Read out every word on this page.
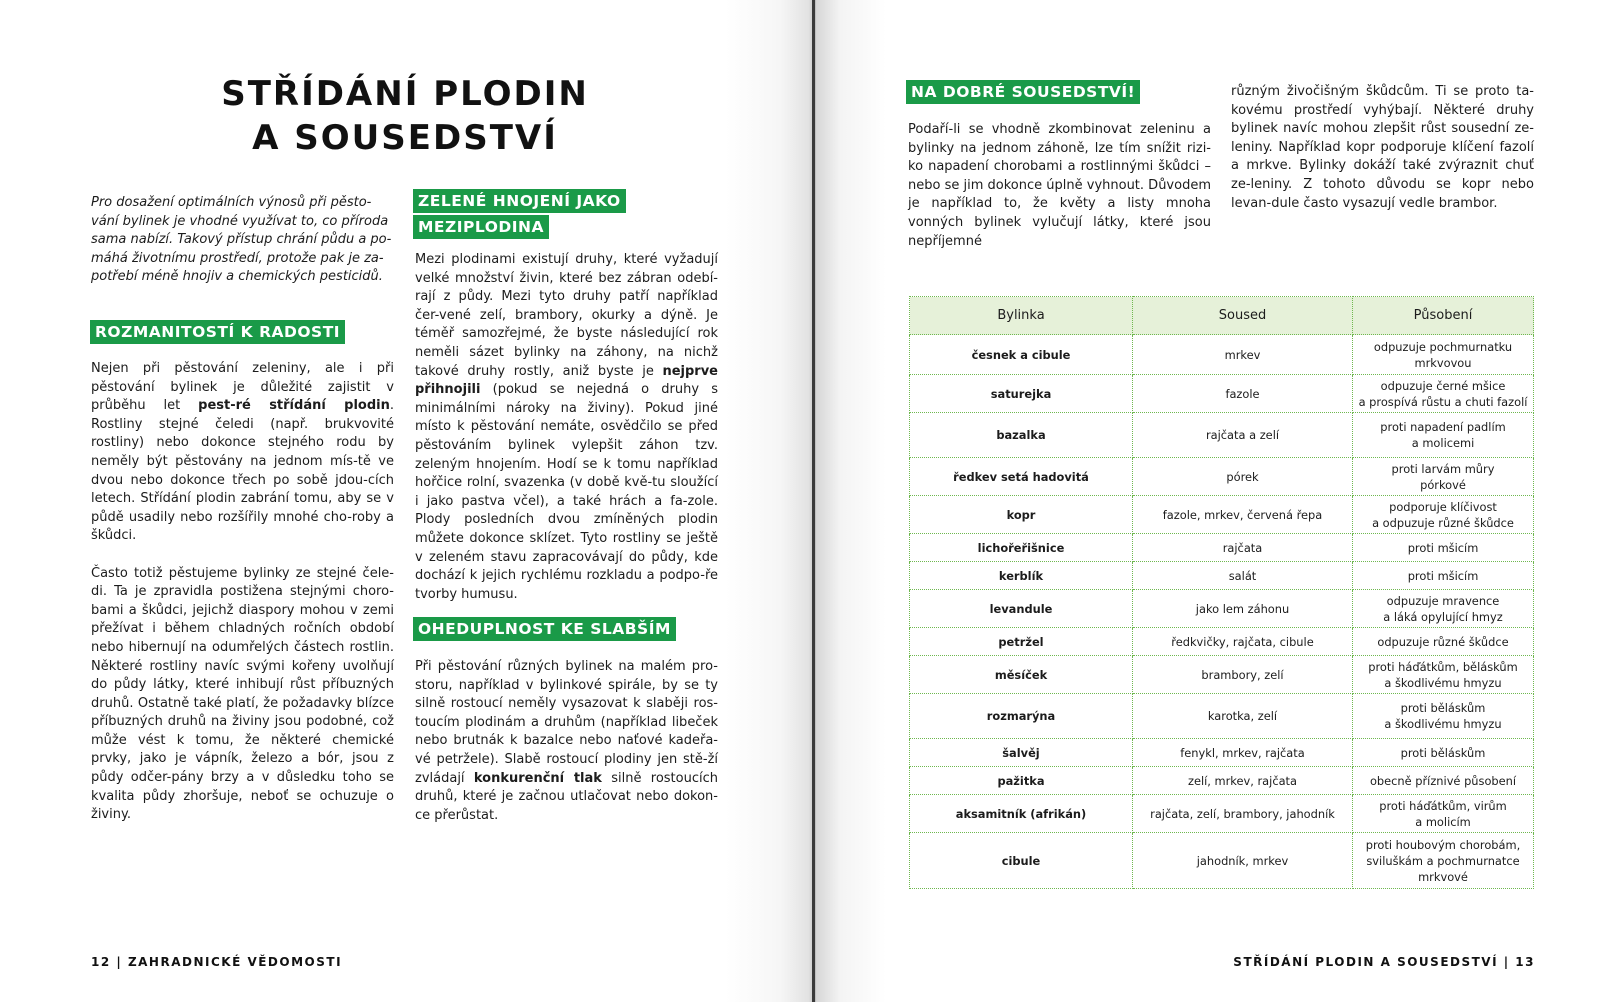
STŘÍDÁNÍ PLODIN
A SOUSEDSTVÍ
Pro dosažení optimálních výnosů při pěsto-
vání bylinek je vhodné využívat to, co příroda
sama nabízí. Takový přístup chrání půdu a po-
máhá životnímu prostředí, protože pak je za-
potřebí méně hnojiv a chemických pesticidů.
ROZMANITOSTÍ K RADOSTI

Nejen při pěstování zeleniny, ale i při pěstování bylinek je důležité zajistit v průběhu let pest-ré střídání plodin. Rostliny stejné čeledi (např. brukvovité rostliny) nebo dokonce stejného rodu by neměly být pěstovány na jednom mís-tě ve dvou nebo dokonce třech po sobě jdou-cích letech. Střídání plodin zabrání tomu, aby se v půdě usadily nebo rozšířily mnohé cho-roby a škůdci.

Často totiž pěstujeme bylinky ze stejné čele-di. Ta je zpravidla postižena stejnými choro-bami a škůdci, jejichž diaspory mohou v zemi přežívat i během chladných ročních období nebo hibernují na odumřelých částech rostlin. Některé rostliny navíc svými kořeny uvolňují do půdy látky, které inhibují růst příbuzných druhů. Ostatně také platí, že požadavky blízce příbuzných druhů na živiny jsou podobné, což může vést k tomu, že některé chemické prvky, jako je vápník, železo a bór, jsou z půdy odčer-pány brzy a v důsledku toho se kvalita půdy zhoršuje, neboť se ochuzuje o živiny.

ZELENÉ HNOJENÍ JAKO
MEZIPLODINA

Mezi plodinami existují druhy, které vyžadují velké množství živin, které bez zábran odebí-rají z půdy. Mezi tyto druhy patří například čer-vené zelí, brambory, okurky a dýně. Je téměř samozřejmé, že byste následující rok neměli sázet bylinky na záhony, na nichž takové druhy rostly, aniž byste je nejprve přihnojili (pokud se nejedná o druhy s minimálními nároky na živiny). Pokud jiné místo k pěstování nemáte, osvědčilo se před pěstováním bylinek vylepšit záhon tzv. zeleným hnojením. Hodí se k tomu například hořčice rolní, svazenka (v době kvě-tu sloužící i jako pastva včel), a také hrách a fa-zole. Plody posledních dvou zmíněných plodin můžete dokonce sklízet. Tyto rostliny se ještě v zeleném stavu zapracovávají do půdy, kde dochází k jejich rychlému rozkladu a podpo-ře tvorby humusu.

OHEDUPLNOST KE SLABŠÍM

Při pěstování různých bylinek na malém pro-storu, například v bylinkové spirále, by se ty silně rostoucí neměly vysazovat k slaběji ros-toucím plodinám a druhům (například libeček nebo brutnák k bazalce nebo naťové kadeřa-vé petržele). Slabě rostoucí plodiny jen stě-ží zvládají konkurenční tlak silně rostoucích druhů, které je začnou utlačovat nebo dokon-ce přerůstat.

12 | ZAHRADNICKÉ VĚDOMOSTI
NA DOBRÉ SOUSEDSTVÍ!
Podaří-li se vhodně zkombinovat zeleninu a bylinky na jednom záhoně, lze tím snížit rizi-ko napadení chorobami a rostlinnými škůdci – nebo se jim dokonce úplně vyhnout. Důvodem je například to, že květy a listy mnoha vonných bylinek vylučují látky, které jsou nepříjemné
různým živočišným škůdcům. Ti se proto ta-kovému prostředí vyhýbají. Některé druhy bylinek navíc mohou zlepšit růst sousední ze-leniny. Například kopr podporuje klíčení fazolí a mrkve. Bylinky dokáží také zvýraznit chuť ze-leniny. Z tohoto důvodu se kopr nebo levan-dule často vysazují vedle brambor.
Bylinka	Soused	Působení
česnek a cibule	mrkev	odpuzuje pochmurnatku
mrkvovou

saturejka	fazole	odpuzuje černé mšice
a prospívá růstu a chuti fazolí

bazalka	rajčata a zelí	proti napadení padlím
a molicemi

ředkev setá hadovitá	pórek	proti larvám můry
pórkové

kopr	fazole, mrkev, červená řepa	podporuje klíčivost
a odpuzuje různé škůdce

lichořeřišnice	rajčata	proti mšicím

kerblík	salát	proti mšicím

levandule	jako lem záhonu	odpuzuje mravence
a láká opylující hmyz

petržel	ředkvičky, rajčata, cibule	odpuzuje různé škůdce

měsíček	brambory, zelí	proti háďátkům, běláskům
a škodlivému hmyzu

rozmarýna	karotka, zelí	proti běláskům
a škodlivému hmyzu

šalvěj	fenykl, mrkev, rajčata	proti běláskům

pažitka	zelí, mrkev, rajčata	obecně příznivé působení

aksamitník (afrikán)	rajčata, zelí, brambory, jahodník	proti háďátkům, virům
a molicím

cibule	jahodník, mrkev	proti houbovým chorobám,
sviluškám a pochmurnatce
mrkvové
STŘÍDÁNÍ PLODIN A SOUSEDSTVÍ | 13
